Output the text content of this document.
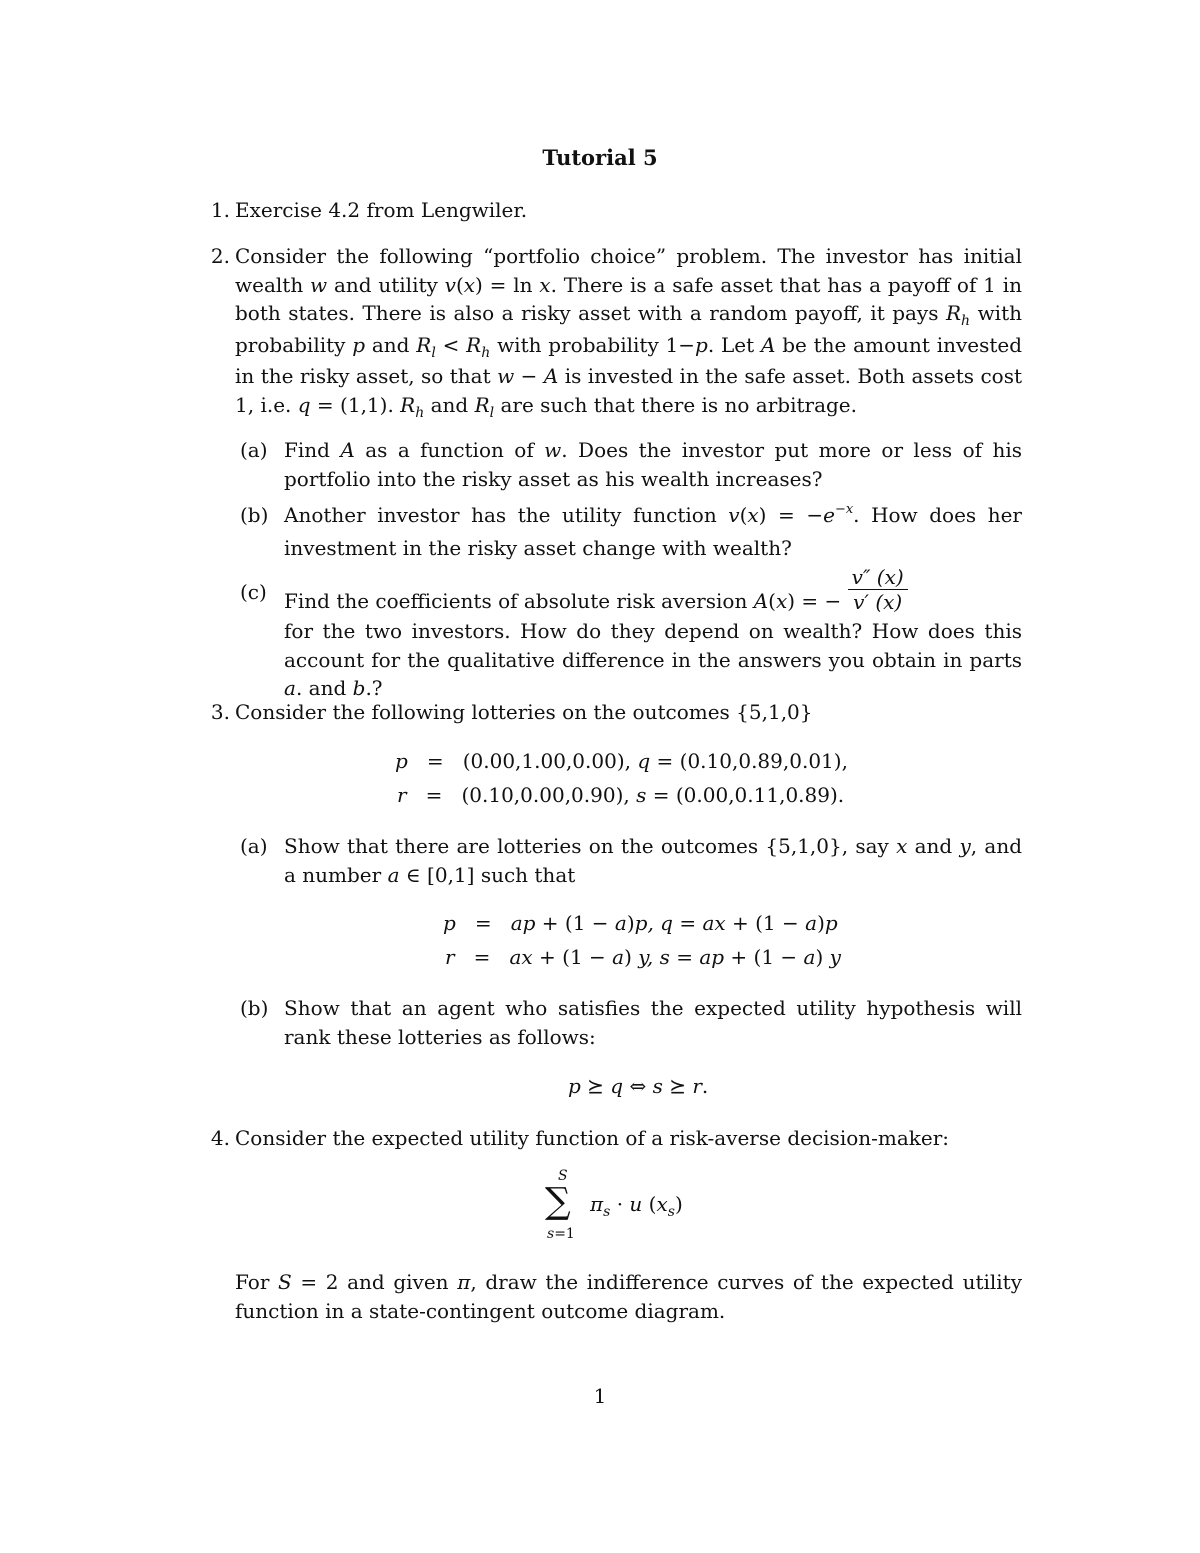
Tutorial 5
1. Exercise 4.2 from Lengwiler.
2. Consider the following “portfolio choice” problem. The investor has initial wealth w and utility v(x) = ln x. There is a safe asset that has a payoff of 1 in both states. There is also a risky asset with a random payoff, it pays $R_h$ with probability p and $R_l < R_h$ with probability 1−p. Let A be the amount invested in the risky asset, so that w − A is invested in the safe asset. Both assets cost 1, i.e. q = (1,1). $R_h$ and $R_l$ are such that there is no arbitrage.
(a) Find A as a function of w. Does the investor put more or less of his portfolio into the risky asset as his wealth increases?
(b) Another investor has the utility function $v(x) = -e^{-x}$. How does her investment in the risky asset change with wealth?
(c) Find the coefficients of absolute risk aversion A(x) = − $\frac{v'' (x)}{v' (x)}$
for the two investors. How do they depend on wealth? How does this account for the qualitative difference in the answers you obtain in parts a. and b.?
3. Consider the following lotteries on the outcomes {5,1,0}
p   =   (0.00,1.00,0.00), q = (0.10,0.89,0.01),
r   =   (0.10,0.00,0.90), s = (0.00,0.11,0.89).
(a) Show that there are lotteries on the outcomes {5,1,0}, say x and y, and a number a ∈ [0,1] such that
p   =   ap + (1 − a)p, q = ax + (1 − a)p
r   =   ax + (1 − a) y, s = ap + (1 − a) y
(b) Show that an agent who satisfies the expected utility hypothesis will rank these lotteries as follows:
p ⪰ q ⇔ s ⪰ r.
4. Consider the expected utility function of a risk-averse decision-maker:
S
∑
s=1
$\pi_s \cdot u$ $(x_s)$
For S = 2 and given π, draw the indifference curves of the expected utility function in a state-contingent outcome diagram.
1
